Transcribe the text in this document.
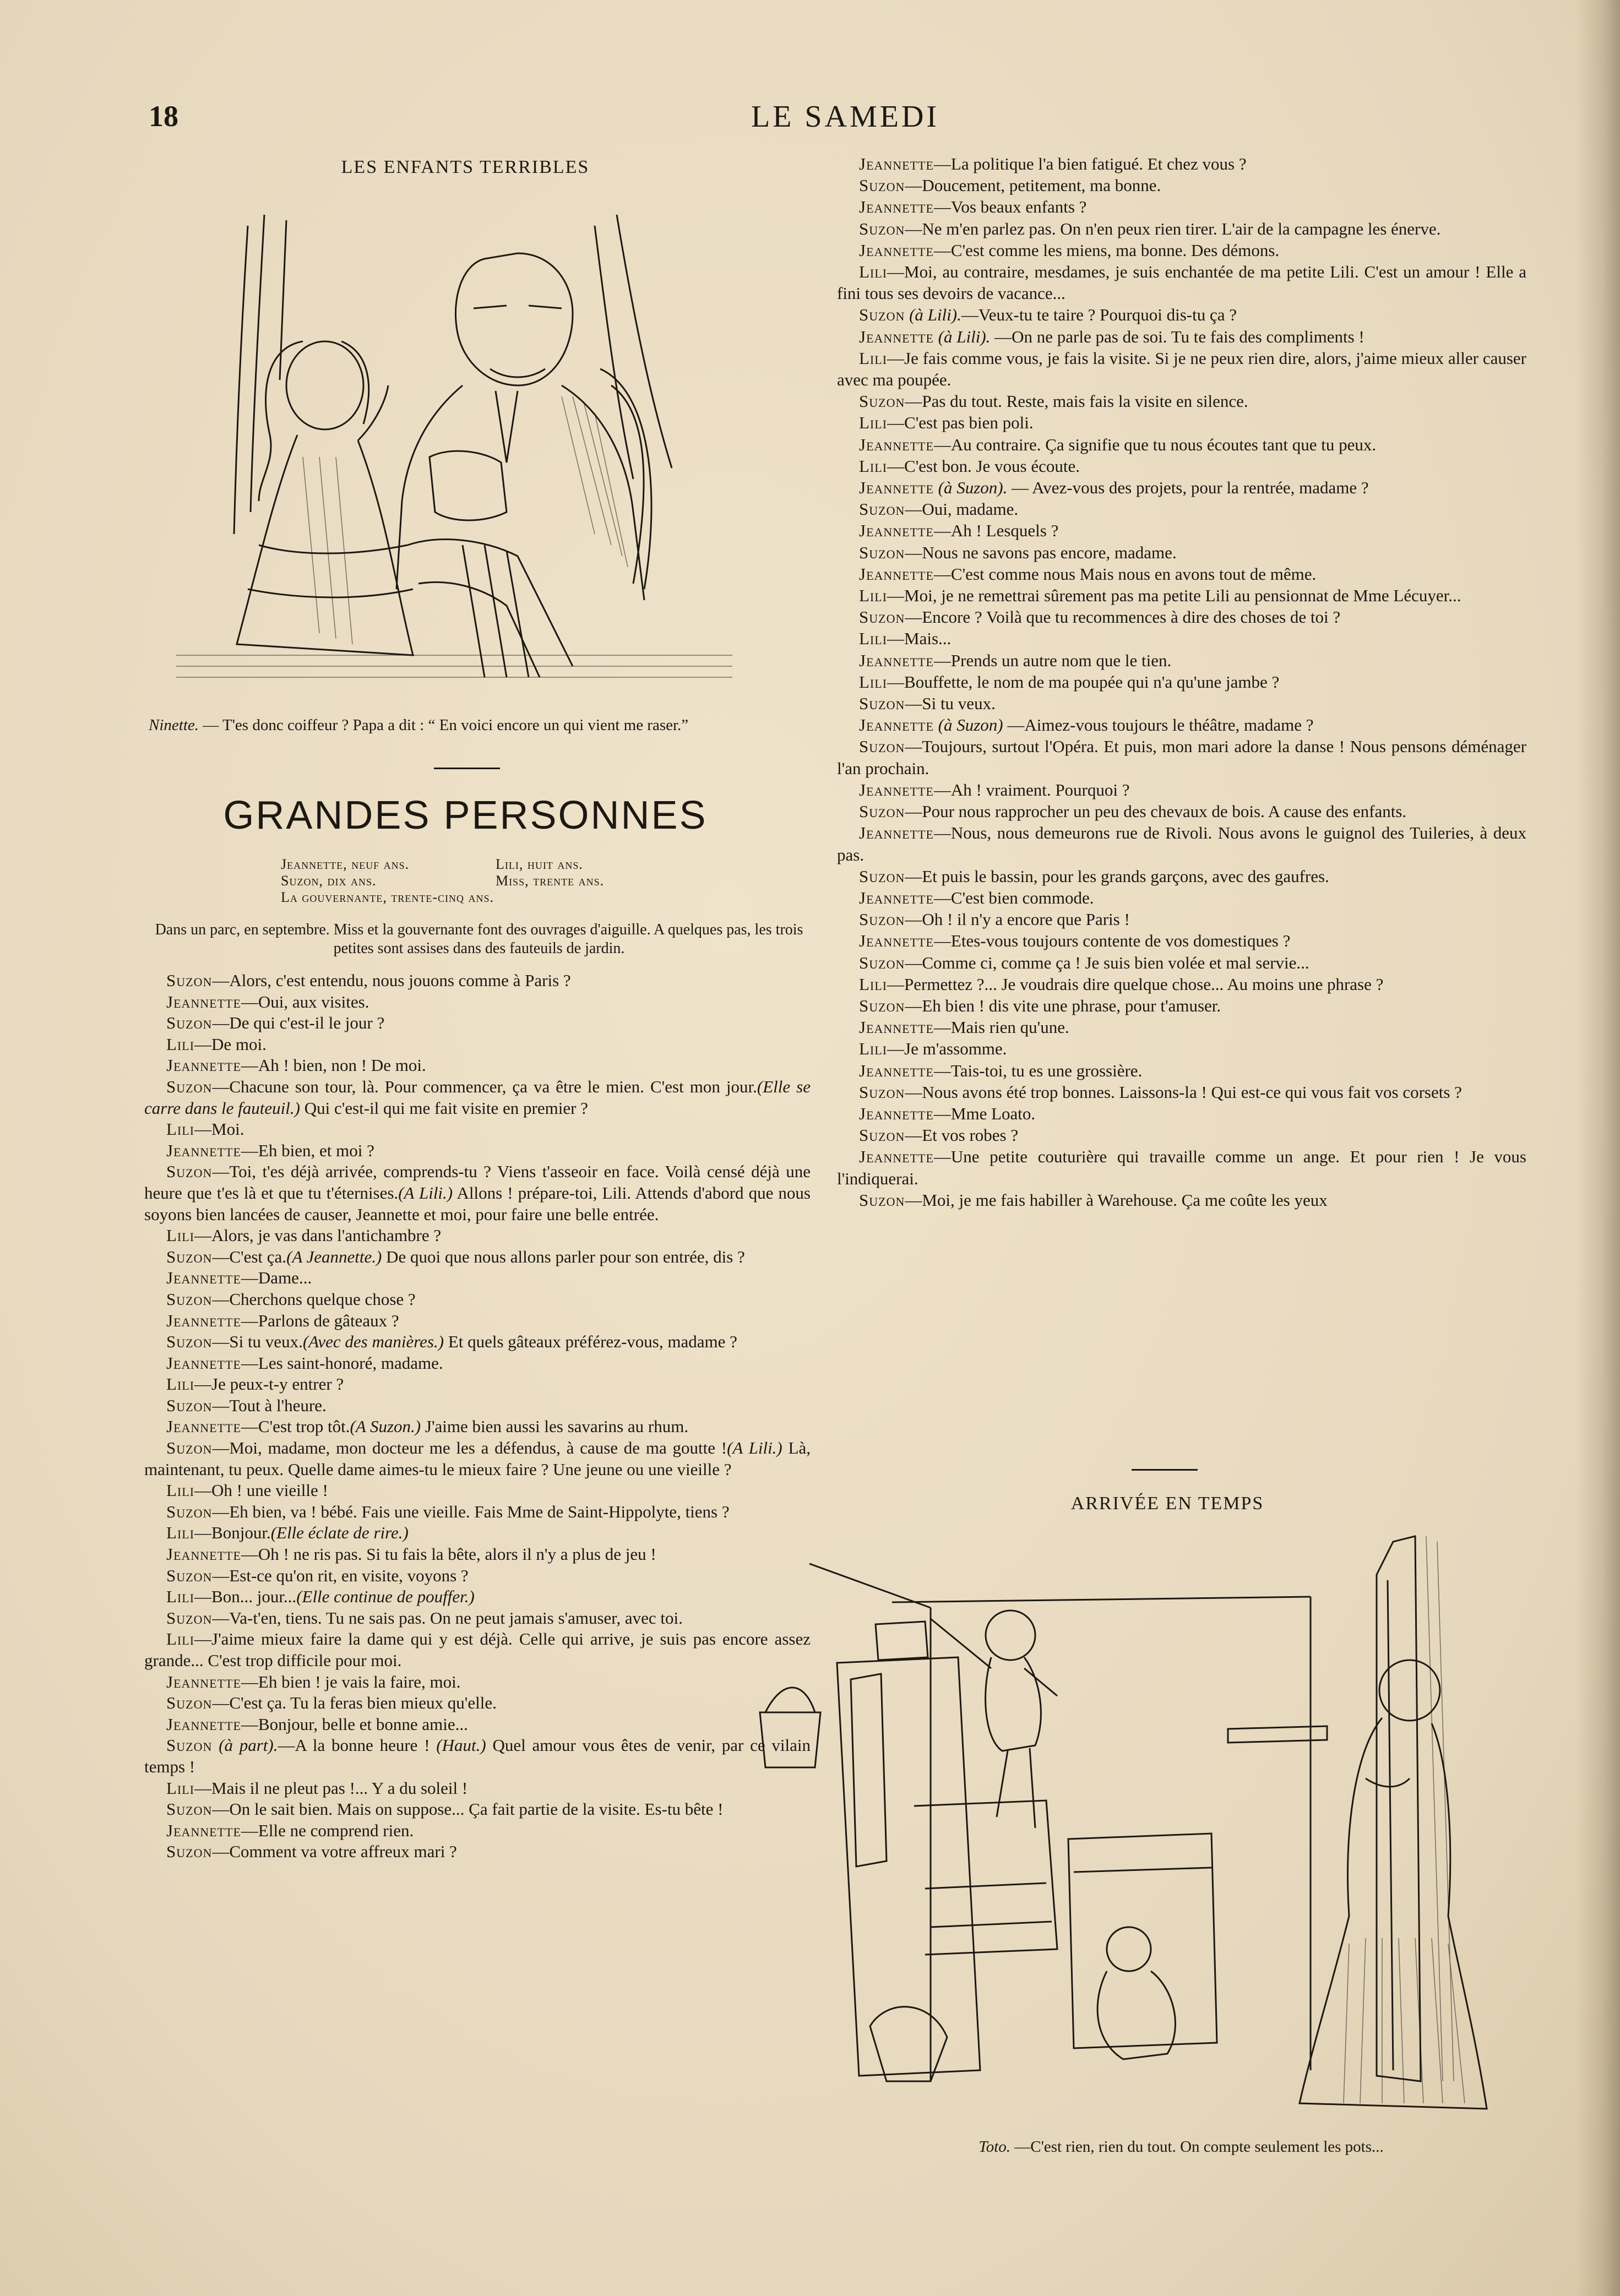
18	LE SAMEDI
LES ENFANTS TERRIBLES
Ninette. — T'es donc coiffeur ? Papa a dit : “ En voici encore un qui vient me raser.”
GRANDES PERSONNES
Jeannette, neuf ans.	Lili, huit ans.
Suzon, dix ans.	Miss, trente ans.
La gouvernante, trente-cinq ans.
Dans un parc, en septembre. Miss et la gouvernante font des ouvrages d'aiguille. A quelques pas, les trois petites sont assises dans des fauteuils de jardin.

Suzon—Alors, c'est entendu, nous jouons comme à Paris ?

Jeannette—Oui, aux visites.

Suzon—De qui c'est-il le jour ?

Lili—De moi.

Jeannette—Ah ! bien, non ! De moi.

Suzon—Chacune son tour, là. Pour commencer, ça va être le mien. C'est mon jour.(Elle se carre dans le fauteuil.) Qui c'est-il qui me fait visite en premier ?

Lili—Moi.

Jeannette—Eh bien, et moi ?

Suzon—Toi, t'es déjà arrivée, comprends-tu ? Viens t'asseoir en face. Voilà censé déjà une heure que t'es là et que tu t'éternises.(A Lili.) Allons ! prépare-toi, Lili. Attends d'abord que nous soyons bien lancées de causer, Jeannette et moi, pour faire une belle entrée.

Lili—Alors, je vas dans l'antichambre ?

Suzon—C'est ça.(A Jeannette.) De quoi que nous allons parler pour son entrée, dis ?

Jeannette—Dame...

Suzon—Cherchons quelque chose ?

Jeannette—Parlons de gâteaux ?

Suzon—Si tu veux.(Avec des manières.) Et quels gâteaux préférez-vous, madame ?

Jeannette—Les saint-honoré, madame.

Lili—Je peux-t-y entrer ?

Suzon—Tout à l'heure.

Jeannette—C'est trop tôt.(A Suzon.) J'aime bien aussi les savarins au rhum.

Suzon—Moi, madame, mon docteur me les a défendus, à cause de ma goutte !(A Lili.) Là, maintenant, tu peux. Quelle dame aimes-tu le mieux faire ? Une jeune ou une vieille ?

Lili—Oh ! une vieille !

Suzon—Eh bien, va ! bébé. Fais une vieille. Fais Mme de Saint-Hippolyte, tiens ?

Lili—Bonjour.(Elle éclate de rire.)

Jeannette—Oh ! ne ris pas. Si tu fais la bête, alors il n'y a plus de jeu !

Suzon—Est-ce qu'on rit, en visite, voyons ?

Lili—Bon... jour...(Elle continue de pouffer.)

Suzon—Va-t'en, tiens. Tu ne sais pas. On ne peut jamais s'amuser, avec toi.

Lili—J'aime mieux faire la dame qui y est déjà. Celle qui arrive, je suis pas encore assez grande... C'est trop difficile pour moi.

Jeannette—Eh bien ! je vais la faire, moi.

Suzon—C'est ça. Tu la feras bien mieux qu'elle.

Jeannette—Bonjour, belle et bonne amie...

Suzon (à part).—A la bonne heure ! (Haut.) Quel amour vous êtes de venir, par ce vilain temps !

Lili—Mais il ne pleut pas !... Y a du soleil !

Suzon—On le sait bien. Mais on suppose... Ça fait partie de la visite. Es-tu bête !

Jeannette—Elle ne comprend rien.

Suzon—Comment va votre affreux mari ?

Jeannette—La politique l'a bien fatigué. Et chez vous ?

Suzon—Doucement, petitement, ma bonne.

Jeannette—Vos beaux enfants ?

Suzon—Ne m'en parlez pas. On n'en peux rien tirer. L'air de la campagne les énerve.

Jeannette—C'est comme les miens, ma bonne. Des démons.

Lili—Moi, au contraire, mesdames, je suis enchantée de ma petite Lili. C'est un amour ! Elle a fini tous ses devoirs de vacance...

Suzon (à Lili).—Veux-tu te taire ? Pourquoi dis-tu ça ?

Jeannette (à Lili). —On ne parle pas de soi. Tu te fais des compliments !

Lili—Je fais comme vous, je fais la visite. Si je ne peux rien dire, alors, j'aime mieux aller causer avec ma poupée.

Suzon—Pas du tout. Reste, mais fais la visite en silence.

Lili—C'est pas bien poli.

Jeannette—Au contraire. Ça signifie que tu nous écoutes tant que tu peux.

Lili—C'est bon. Je vous écoute.

Jeannette (à Suzon). — Avez-vous des projets, pour la rentrée, madame ?

Suzon—Oui, madame.

Jeannette—Ah ! Lesquels ?

Suzon—Nous ne savons pas encore, madame.

Jeannette—C'est comme nous Mais nous en avons tout de même.

Lili—Moi, je ne remettrai sûrement pas ma petite Lili au pensionnat de Mme Lécuyer...

Suzon—Encore ? Voilà que tu recommences à dire des choses de toi ?

Lili—Mais...

Jeannette—Prends un autre nom que le tien.

Lili—Bouffette, le nom de ma poupée qui n'a qu'une jambe ?

Suzon—Si tu veux.

Jeannette (à Suzon) —Aimez-vous toujours le théâtre, madame ?

Suzon—Toujours, surtout l'Opéra. Et puis, mon mari adore la danse ! Nous pensons déménager l'an prochain.

Jeannette—Ah ! vraiment. Pourquoi ?

Suzon—Pour nous rapprocher un peu des chevaux de bois. A cause des enfants.

Jeannette—Nous, nous demeurons rue de Rivoli. Nous avons le guignol des Tuileries, à deux pas.

Suzon—Et puis le bassin, pour les grands garçons, avec des gaufres.

Jeannette—C'est bien commode.

Suzon—Oh ! il n'y a encore que Paris !

Jeannette—Etes-vous toujours contente de vos domestiques ?

Suzon—Comme ci, comme ça ! Je suis bien volée et mal servie...

Lili—Permettez ?... Je voudrais dire quelque chose... Au moins une phrase ?

Suzon—Eh bien ! dis vite une phrase, pour t'amuser.

Jeannette—Mais rien qu'une.

Lili—Je m'assomme.

Jeannette—Tais-toi, tu es une grossière.

Suzon—Nous avons été trop bonnes. Laissons-la ! Qui est-ce qui vous fait vos corsets ?

Jeannette—Mme Loato.

Suzon—Et vos robes ?

Jeannette—Une petite couturière qui travaille comme un ange. Et pour rien ! Je vous l'indiquerai.

Suzon—Moi, je me fais habiller à Warehouse. Ça me coûte les yeux

ARRIVÉE EN TEMPS
Toto. —C'est rien, rien du tout. On compte seulement les pots...
